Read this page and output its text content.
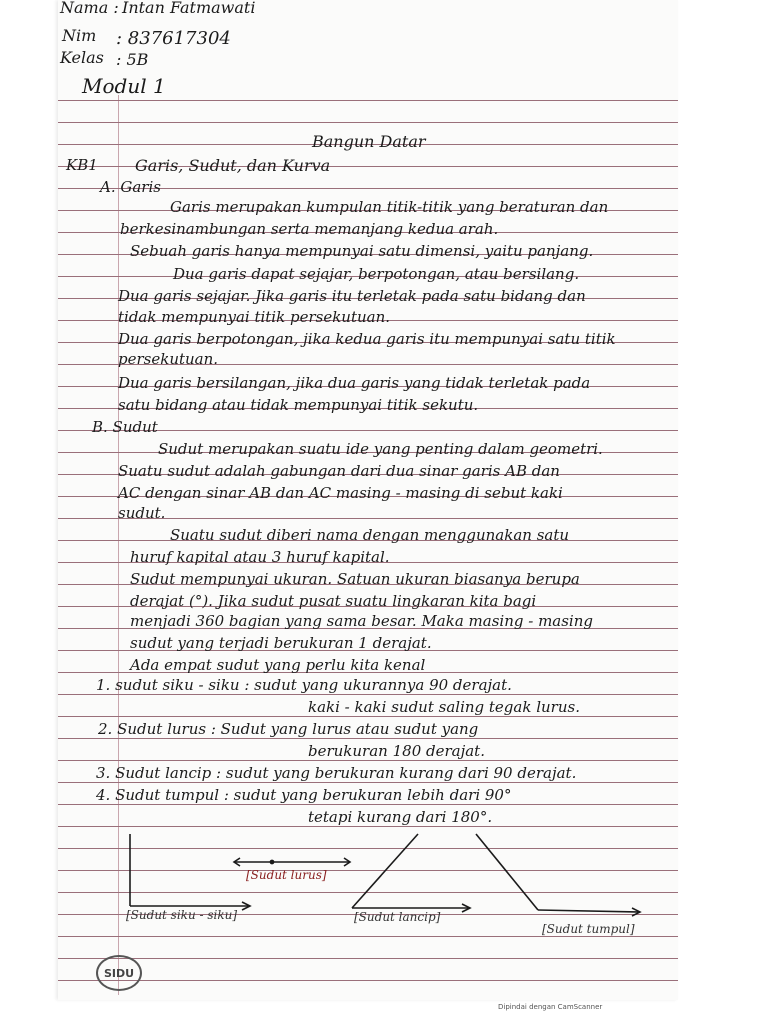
Nama : Intan Fatmawati
Nim : 837617304
Kelas : 5B
Modul 1
Bangun Datar
KB1 Garis, Sudut, dan Kurva
A. Garis
Garis merupakan kumpulan titik-titik yang beraturan dan
berkesinambungan serta memanjang kedua arah.
Sebuah garis hanya mempunyai satu dimensi, yaitu panjang.
Dua garis dapat sejajar, berpotongan, atau bersilang.
Dua garis sejajar. Jika garis itu terletak pada satu bidang dan
tidak mempunyai titik persekutuan.
Dua garis berpotongan, jika kedua garis itu mempunyai satu titik
persekutuan.
Dua garis bersilangan, jika dua garis yang tidak terletak pada
satu bidang atau tidak mempunyai titik sekutu.
B. Sudut
Sudut merupakan suatu ide yang penting dalam geometri.
Suatu sudut adalah gabungan dari dua sinar garis AB dan
AC dengan sinar AB dan AC masing - masing di sebut kaki
sudut.
Suatu sudut diberi nama dengan menggunakan satu
huruf kapital atau 3 huruf kapital.
Sudut mempunyai ukuran. Satuan ukuran biasanya berupa
derajat (°). Jika sudut pusat suatu lingkaran kita bagi
menjadi 360 bagian yang sama besar. Maka masing - masing
sudut yang terjadi berukuran 1 derajat.
Ada empat sudut yang perlu kita kenal
1. sudut siku - siku : sudut yang ukurannya 90 derajat.
kaki - kaki sudut saling tegak lurus.
2. Sudut lurus : Sudut yang lurus atau sudut yang
berukuran 180 derajat.
3. Sudut lancip : sudut yang berukuran kurang dari 90 derajat.
4. Sudut tumpul : sudut yang berukuran lebih dari 90°
tetapi kurang dari 180°.
[Sudut lurus]
[Sudut siku - siku]	[Sudut lancip]
[Sudut tumpul]
SIDU
Dipindai dengan CamScanner
